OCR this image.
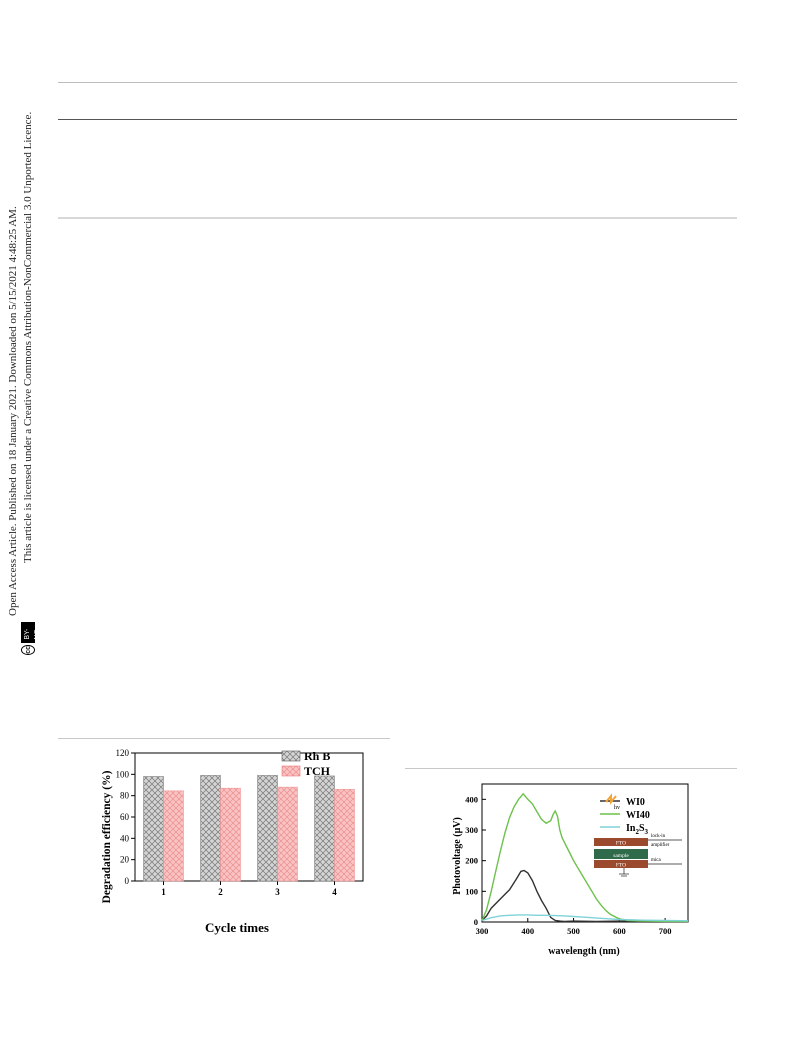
Open Access Article. Published on 18 January 2021. Downloaded on 5/15/2021 4:48:25 AM. This article is licensed under a Creative Commons Attribution-NonCommercial 3.0 Unported Licence.
cc
BY-NC
0
20
40
60
80
100
120
1	2	3	4
Rh B
TCH
Cycle times
Degradation efficiency (%)
300	400	500	600	700
0
100
200
300
400	WI0
WI40
$In_2S_3$
hv
FTO
sample
FTO
lock-in
amplifier
mica
wavelength (nm)
Photovoltage (μV)
